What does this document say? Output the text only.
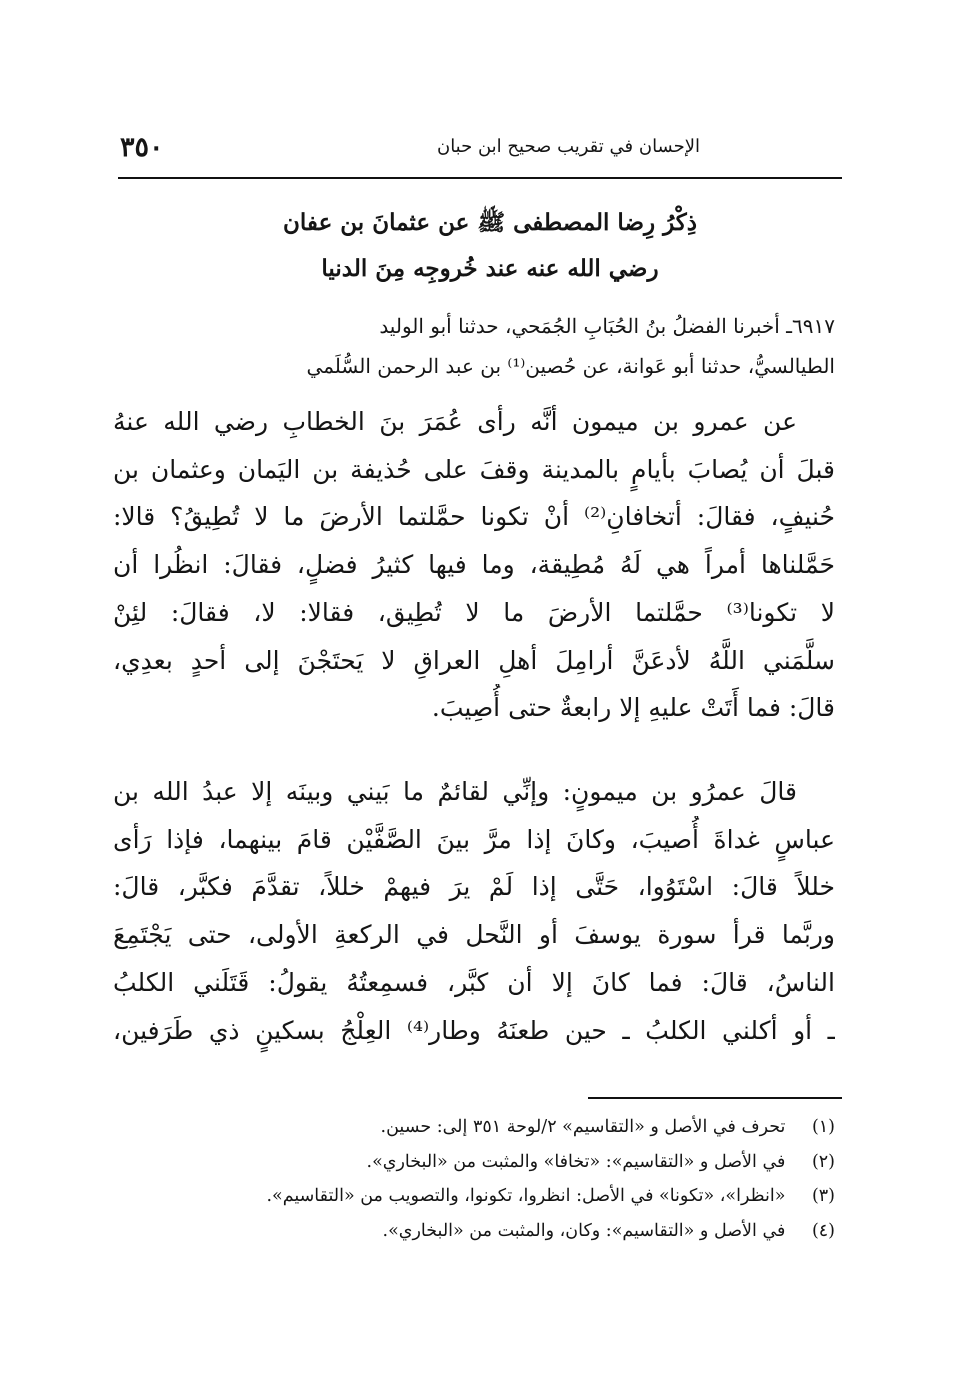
الإحسان في تقريب صحيح ابن حبان
٣٥٠
ذِكْرُ رِضا المصطفى ﷺ عن عثمانَ بن عفان
رضي الله عنه عند خُروجِه مِنَ الدنيا
٦٩١٧ـ أخبرنا الفضلُ بنُ الحُبَابِ الجُمَحي، حدثنا أبو الوليد
الطيالسيُّ، حدثنا أبو عَوانة، عن حُصين⁽¹⁾ بن عبد الرحمن السُّلَمي
عن عمرو بن ميمون أنَّه رأى عُمَرَ بنَ الخطابِ رضي الله عنهُ
قبلَ أن يُصابَ بأيامٍ بالمدينة وقفَ على حُذيفة بن اليَمان وعثمان بن
حُنيفٍ، فقالَ: أتخافانِ⁽²⁾ أنْ تكونا حمَّلتما الأرضَ ما لا تُطِيقُ؟ قالا:
حَمَّلناها أمراً هي لَهُ مُطِيقة، وما فيها كثيرُ فضلٍ، فقالَ: انظُرا أن
لا تكونا⁽³⁾ حمَّلتما الأرضَ ما لا تُطِيق، فقالا: لا، فقالَ: لئِنْ
سلَّمَني اللَّهُ لأدعَنَّ أرامِلَ أهلِ العراقِ لا يَحتَجْنَ إلى أحدٍ بعدِي،
قالَ: فما أَتَتْ عليهِ إلا رابعةٌ حتى أُصِيبَ.
قالَ عمرُو بن ميمونٍ: وإنِّي لقائمٌ ما بَيني وبينَه إلا عبدُ الله بن
عباسٍ غداةَ أُصيبَ، وكانَ إذا مرَّ بينَ الصَّفَّيْن قامَ بينهما، فإذا رَأى
خللاً قالَ: اسْتَوُوا، حَتَّى إذا لَمْ يرَ فيهمْ خللاً، تقدَّمَ فكبَّر، قالَ:
وربَّما قرأ سورة يوسفَ أو النَّحل في الركعةِ الأولى، حتى يَجْتَمِعَ
الناسُ، قالَ: فما كانَ إلا أن كبَّر، فسمِعتُهُ يقولُ: قَتَلَني الكلبُ
ـ أو أكلني الكلبُ ـ حين طعنَهُ وطار⁽⁴⁾ العِلْجُ بسكينٍ ذي طَرَفين،
(١) تحرف في الأصل و «التقاسيم» ٢/لوحة ٣٥١ إلى: حسين.
(٢) في الأصل و «التقاسيم»: «تخافا» والمثبت من «البخاري».
(٣) «انظرا»، «تكونا» في الأصل: انظروا، تكونوا، والتصويب من «التقاسيم».
(٤) في الأصل و «التقاسيم»: وكان، والمثبت من «البخاري».
